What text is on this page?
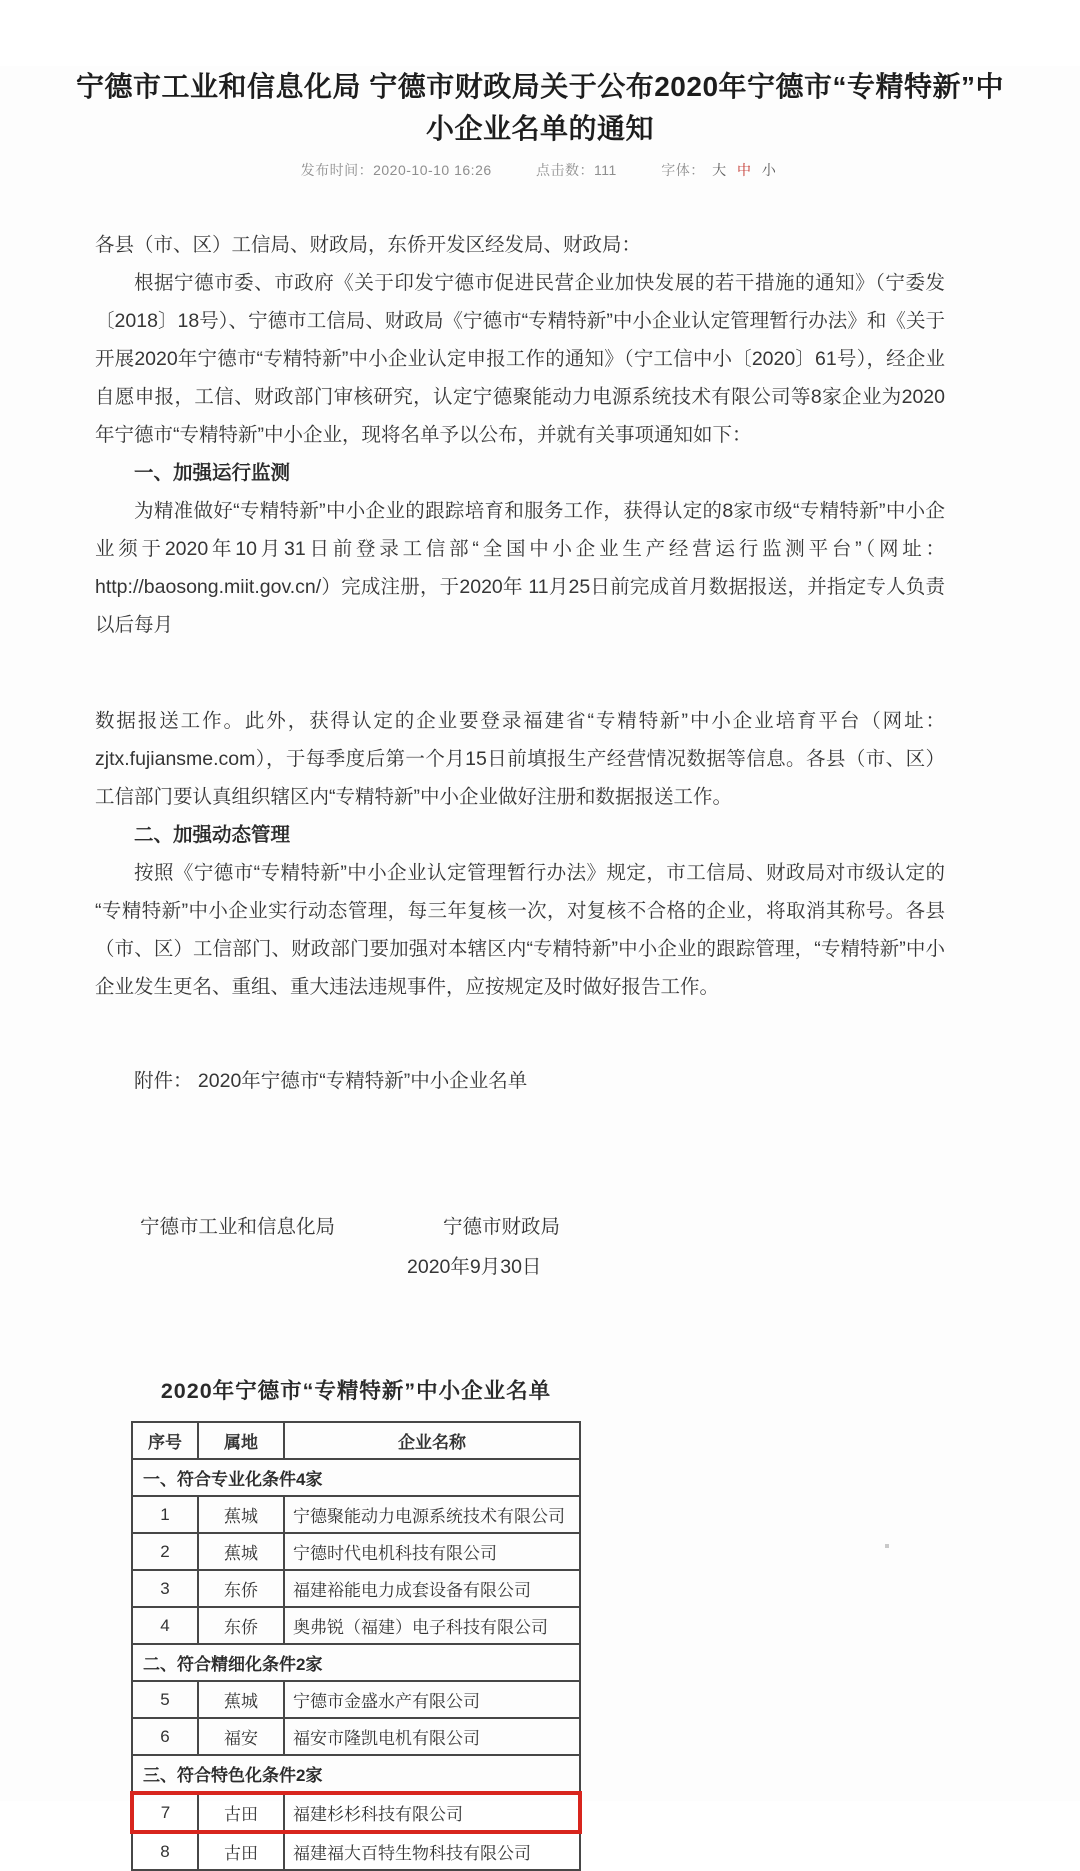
宁德市工业和信息化局 宁德市财政局关于公布2020年宁德市“专精特新”中小企业名单的通知
发布时间：2020-10-10 16:26	点击数：111	字体： 大 中 小

各县（市、区）工信局、财政局，东侨开发区经发局、财政局：

根据宁德市委、市政府《关于印发宁德市促进民营企业加快发展的若干措施的通知》（宁委发〔2018〕18号）、宁德市工信局、财政局《宁德市“专精特新”中小企业认定管理暂行办法》和《关于开展2020年宁德市“专精特新”中小企业认定申报工作的通知》（宁工信中小〔2020〕61号），经企业自愿申报，工信、财政部门审核研究，认定宁德聚能动力电源系统技术有限公司等8家企业为2020年宁德市“专精特新”中小企业，现将名单予以公布，并就有关事项通知如下：

一、加强运行监测

为精准做好“专精特新”中小企业的跟踪培育和服务工作，获得认定的8家市级“专精特新”中小企业须于2020年10月31日前登录工信部“全国中小企业生产经营运行监测平台”（网址：http://baosong.miit.gov.cn/）完成注册，于2020年 11月25日前完成首月数据报送，并指定专人负责以后每月

数据报送工作。此外，获得认定的企业要登录福建省“专精特新”中小企业培育平台（网址：zjtx.fujiansme.com），于每季度后第一个月15日前填报生产经营情况数据等信息。各县（市、区）工信部门要认真组织辖区内“专精特新”中小企业做好注册和数据报送工作。

二、加强动态管理

按照《宁德市“专精特新”中小企业认定管理暂行办法》规定，市工信局、财政局对市级认定的“专精特新”中小企业实行动态管理，每三年复核一次，对复核不合格的企业，将取消其称号。各县（市、区）工信部门、财政部门要加强对本辖区内“专精特新”中小企业的跟踪管理，“专精特新”中小企业发生更名、重组、重大违法违规事件，应按规定及时做好报告工作。

附件： 2020年宁德市“专精特新”中小企业名单

宁德市工业和信息化局	宁德市财政局
2020年9月30日
2020年宁德市“专精特新”中小企业名单
序号	属地	企业名称
一、符合专业化条件4家		
1	蕉城	宁德聚能动力电源系统技术有限公司
2	蕉城	宁德时代电机科技有限公司
3	东侨	福建裕能电力成套设备有限公司
4	东侨	奥弗锐（福建）电子科技有限公司
二、符合精细化条件2家		
5	蕉城	宁德市金盛水产有限公司
6	福安	福安市隆凯电机有限公司
三、符合特色化条件2家		
7	古田	福建杉杉科技有限公司
8	古田	福建福大百特生物科技有限公司
